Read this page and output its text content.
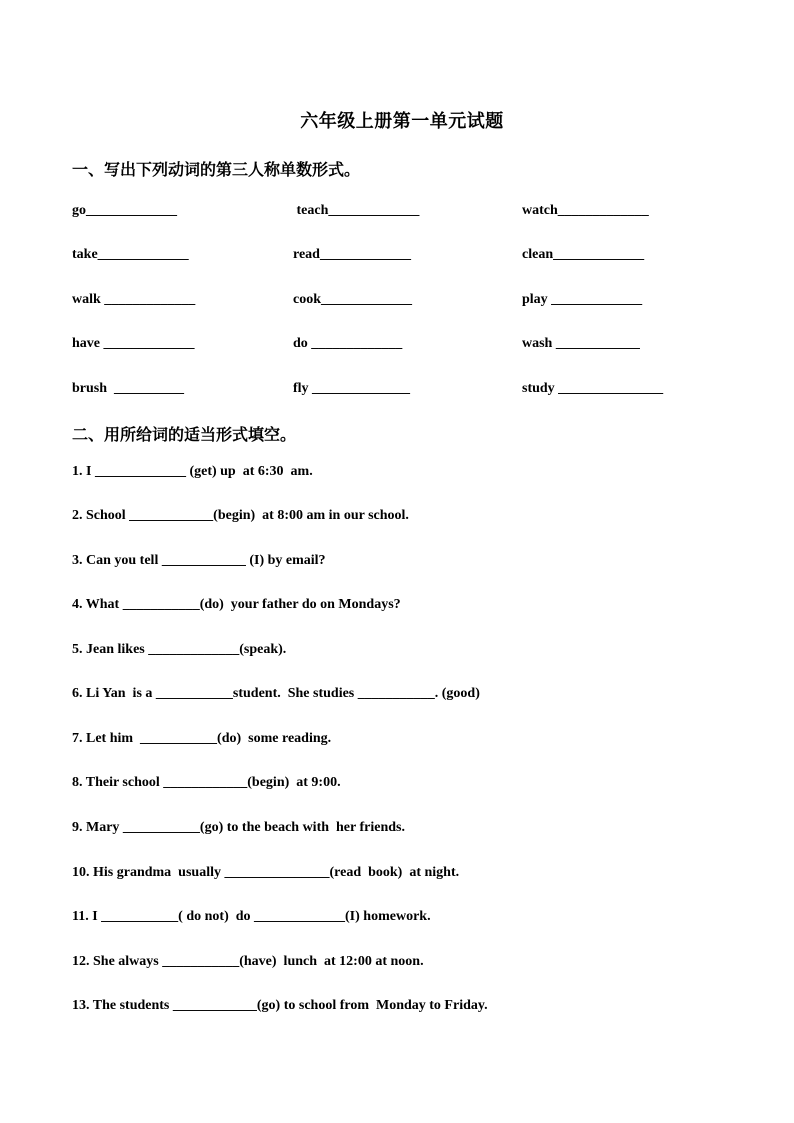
六年级上册第一单元试题
一、写出下列动词的第三人称单数形式。
go_____________	teach_____________	watch_____________
take_____________	read_____________	clean_____________
walk _____________	cook_____________	play _____________
have _____________	do _____________	wash ____________
brush  __________	fly ______________	study _______________
二、用所给词的适当形式填空。
1. I _____________ (get) up  at 6:30  am.
2. School ____________(begin)  at 8:00 am in our school.
3. Can you tell ____________ (I) by email?
4. What ___________(do)  your father do on Mondays?
5. Jean likes _____________(speak).
6. Li Yan  is a ___________student.  She studies ___________. (good)
7. Let him  ___________(do)  some reading.
8. Their school ____________(begin)  at 9:00.
9. Mary ___________(go) to the beach with  her friends.
10. His grandma  usually _______________(read  book)  at night.
11. I ___________( do not)  do _____________(I) homework.
12. She always ___________(have)  lunch  at 12:00 at noon.
13. The students ____________(go) to school from  Monday to Friday.
